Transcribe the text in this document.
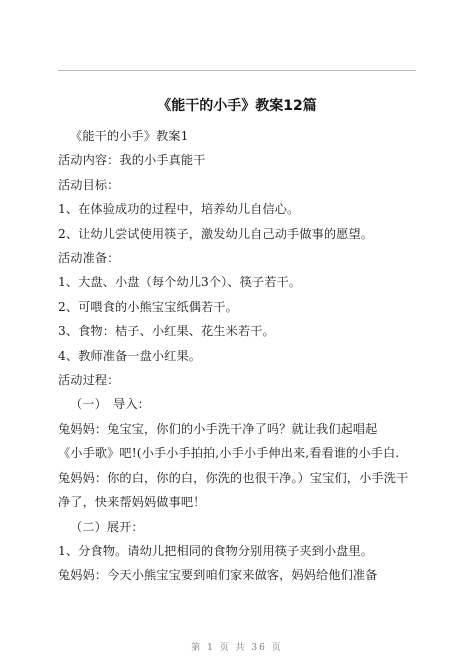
《能干的小手》教案12篇
《能干的小手》教案1
活动内容：我的小手真能干
活动目标：
1、在体验成功的过程中，培养幼儿自信心。
2、让幼儿尝试使用筷子，激发幼儿自己动手做事的愿望。
活动准备：
1、大盘、小盘（每个幼儿3个）、筷子若干。
2、可喂食的小熊宝宝纸偶若干。
3、食物：桔子、小红果、花生米若干。
4、教师准备一盘小红果。
活动过程：
（一）　导入：
兔妈妈：兔宝宝，你们的小手洗干净了吗？就让我们起唱起
《小手歌》吧!(小手小手拍拍,小手小手伸出来,看看谁的小手白.
兔妈妈：你的白，你的白，你洗的也很干净。）宝宝们，小手洗干
净了，快来帮妈妈做事吧！
（二）展开：
1、分食物。请幼儿把相同的食物分别用筷子夹到小盘里。
兔妈妈：今天小熊宝宝要到咱们家来做客，妈妈给他们准备
第 1 页 共 36 页
